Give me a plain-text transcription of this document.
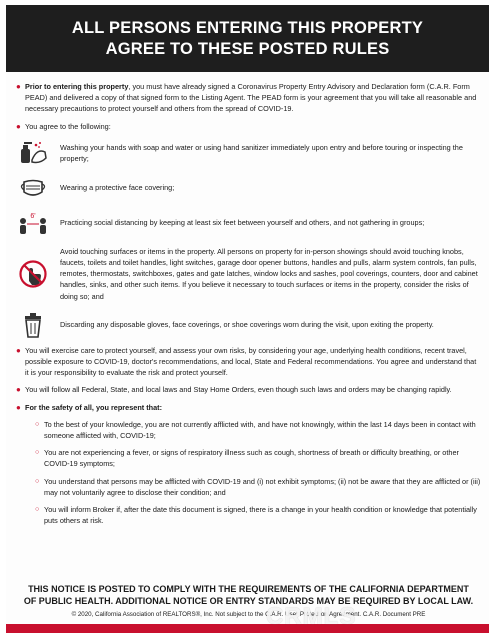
ALL PERSONS ENTERING THIS PROPERTY
AGREE TO THESE POSTED RULES
● Prior to entering this property, you must have already signed a Coronavirus Property Entry Advisory and Declaration form (C.A.R. Form PEAD) and delivered a copy of that signed form to the Listing Agent. The PEAD form is your agreement that you will take all reasonable and necessary precautions to protect yourself and others from the spread of COVID-19.
● You agree to the following:
Washing your hands with soap and water or using hand sanitizer immediately upon entry and before touring or inspecting the property;
Wearing a protective face covering;
6'
Practicing social distancing by keeping at least six feet between yourself and others, and not gathering in groups;
Avoid touching surfaces or items in the property. All persons on property for in-person showings should avoid touching knobs, faucets, toilets and toilet handles, light switches, garage door opener buttons, handles and pulls, alarm system controls, fan pulls, remotes, thermostats, switchboxes, gates and gate latches, window locks and sashes, pool coverings, counters, door and cabinet handles, sinks, and other such items. If you believe it necessary to touch surfaces or items in the property, consider the risks of doing so; and
Discarding any disposable gloves, face coverings, or shoe coverings worn during the visit, upon exiting the property.
● You will exercise care to protect yourself, and assess your own risks, by considering your age, underlying health conditions, recent travel, possible exposure to COVID-19, doctor's recommendations, and local, State and Federal recommendations. You agree and understand that it is your responsibility to evaluate the risk and protect yourself.
● You will follow all Federal, State, and local laws and Stay Home Orders, even though such laws and orders may be changing rapidly.
● For the safety of all, you represent that:
○ To the best of your knowledge, you are not currently afflicted with, and have not knowingly, within the last 14 days been in contact with someone afflicted with, COVID-19;
○ You are not experiencing a fever, or signs of respiratory illness such as cough, shortness of breath or difficulty breathing, or other COVID-19 symptoms;
○ You understand that persons may be afflicted with COVID-19 and (i) not exhibit symptoms; (ii) not be aware that they are afflicted or (iii) may not voluntarily agree to disclose their condition; and
○ You will inform Broker if, after the date this document is signed, there is a change in your health condition or knowledge that potentially puts others at risk.
THIS NOTICE IS POSTED TO COMPLY WITH THE REQUIREMENTS OF THE CALIFORNIA DEPARTMENT
OF PUBLIC HEALTH. ADDITIONAL NOTICE OR ENTRY STANDARDS MAY BE REQUIRED BY LOCAL LAW.
© 2020, California Association of REALTORS®, Inc. Not subject to the C.A.R. User Protection Agreement. C.A.R. Document PRE
CRMLS
